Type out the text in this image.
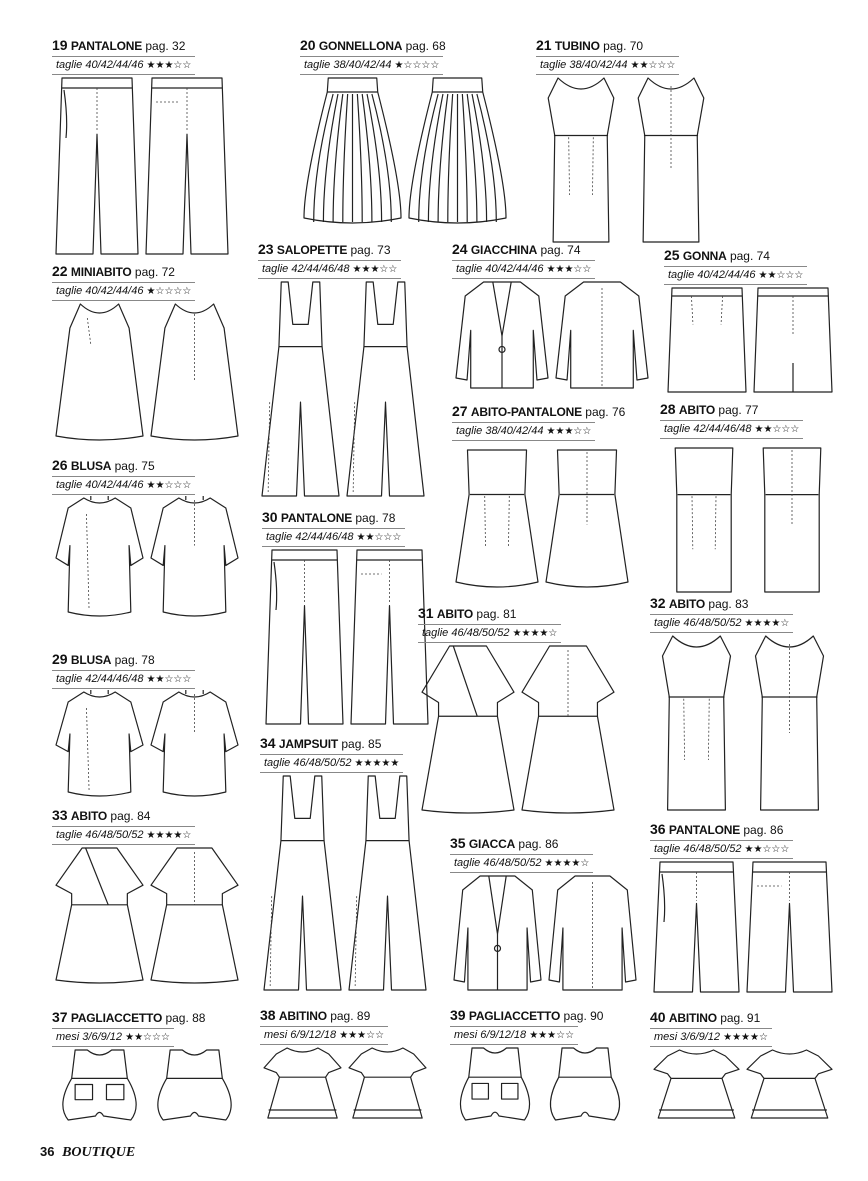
19 PANTALONE pag. 32
taglie 40/42/44/46 ★★★☆☆
20 GONNELLONA pag. 68
taglie 38/40/42/44 ★☆☆☆☆
21 TUBINO pag. 70
taglie 38/40/42/44 ★★☆☆☆
22 MINIABITO pag. 72
taglie 40/42/44/46 ★☆☆☆☆
23 SALOPETTE pag. 73
taglie 42/44/46/48 ★★★☆☆
24 GIACCHINA pag. 74
taglie 40/42/44/46 ★★★☆☆
25 GONNA pag. 74
taglie 40/42/44/46 ★★☆☆☆
26 BLUSA pag. 75
taglie 40/42/44/46 ★★☆☆☆
27 ABITO-PANTALONE pag. 76
taglie 38/40/42/44 ★★★☆☆
28 ABITO pag. 77
taglie 42/44/46/48 ★★☆☆☆
29 BLUSA pag. 78
taglie 42/44/46/48 ★★☆☆☆
30 PANTALONE pag. 78
taglie 42/44/46/48 ★★☆☆☆
31 ABITO pag. 81
taglie 46/48/50/52 ★★★★☆
32 ABITO pag. 83
taglie 46/48/50/52 ★★★★☆
33 ABITO pag. 84
taglie 46/48/50/52 ★★★★☆
34 JAMPSUIT pag. 85
taglie 46/48/50/52 ★★★★★
35 GIACCA pag. 86
taglie 46/48/50/52 ★★★★☆
36 PANTALONE pag. 86
taglie 46/48/50/52 ★★☆☆☆
37 PAGLIACCETTO pag. 88
mesi 3/6/9/12 ★★☆☆☆
38 ABITINO pag. 89
mesi 6/9/12/18 ★★★☆☆
39 PAGLIACCETTO pag. 90
mesi 6/9/12/18 ★★★☆☆
40 ABITINO pag. 91
mesi 3/6/9/12 ★★★★☆
36 BOUTIQUE
